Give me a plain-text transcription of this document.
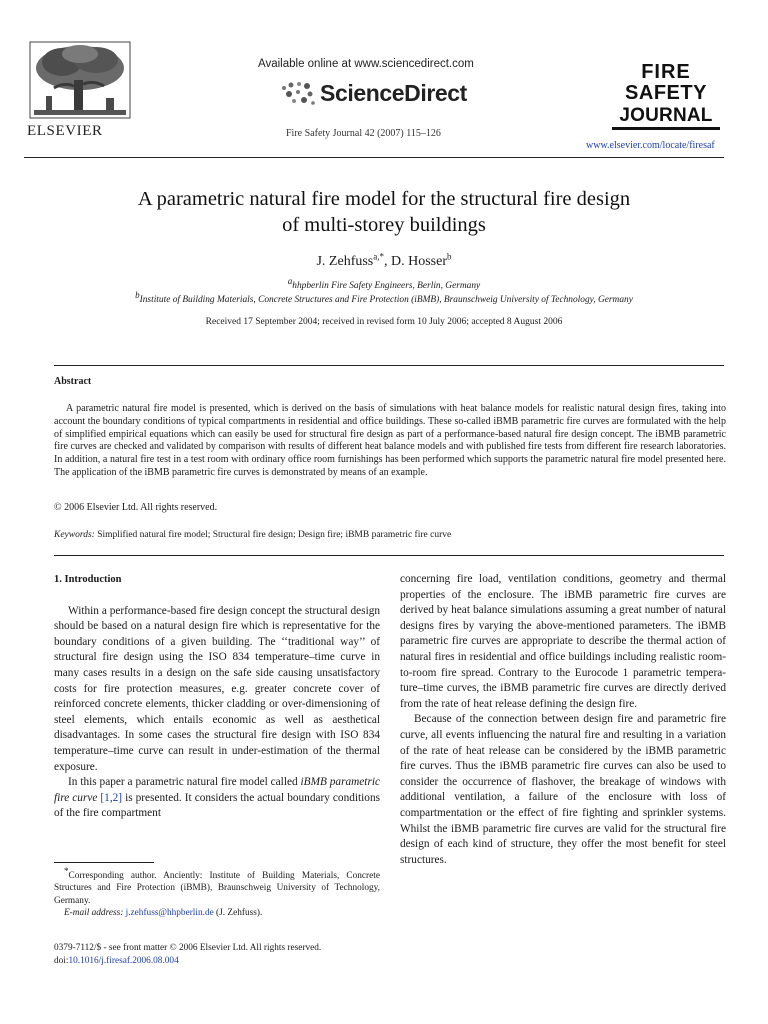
ELSEVIER
Available online at www.sciencedirect.com
ScienceDirect
Fire Safety Journal 42 (2007) 115–126
FIRE
SAFETY
JOURNAL
www.elsevier.com/locate/firesaf
A parametric natural fire model for the structural fire design
of multi-storey buildings
J. Zehfuss$^{a,*}$, D. Hosser$^b$
ahhpberlin Fire Safety Engineers, Berlin, Germany
bInstitute of Building Materials, Concrete Structures and Fire Protection (iBMB), Braunschweig University of Technology, Germany
Received 17 September 2004; received in revised form 10 July 2006; accepted 8 August 2006
Abstract

A parametric natural fire model is presented, which is derived on the basis of simulations with heat balance models for realistic natural design fires, taking into account the boundary conditions of typical compartments in residential and office buildings. These so-called iBMB parametric fire curves are formulated with the help of simplified empirical equations which can easily be used for structural fire design as part of a performance-based natural fire design concept. The iBMB parametric fire curves are checked and validated by comparison with results of different heat balance models and with published fire tests from different fire research laboratories. In addition, a natural fire test in a test room with ordinary office room furnishings has been performed which supports the parametric natural fire model presented here. The application of the iBMB parametric fire curves is demonstrated by means of an example.

© 2006 Elsevier Ltd. All rights reserved.
Keywords: Simplified natural fire model; Structural fire design; Design fire; iBMB parametric fire curve
1. Introduction

Within a performance-based fire design concept the structural design should be based on a natural design fire which is representative for the boundary conditions of a given building. The ‘‘traditional way’’ of structural fire design using the ISO 834 temperature–time curve in many cases results in a design on the safe side causing unsatisfactory costs for fire protection measures, e.g. greater concrete cover of reinforced concrete elements, thicker cladding or over-dimensioning of steel elements, which entails economic as well as aesthetical disadvantages. In some cases the structural fire design with ISO 834 temperature–time curve can result in under-estimation of the thermal exposure.

In this paper a parametric natural fire model called iBMB parametric fire curve [1,2] is presented. It considers the actual boundary conditions of the fire compartment

concerning fire load, ventilation conditions, geometry and thermal properties of the enclosure. The iBMB parametric fire curves are derived by heat balance simulations assuming a great number of natural designs fires by varying the above-mentioned parameters. The iBMB parametric fire curves are appropriate to describe the thermal action of natural fires in residential and office buildings including realistic room-to-room fire spread. Contrary to the Eurocode 1 parametric tempera-ture–time curves, the iBMB parametric fire curves are directly derived from the rate of heat release defining the design fire.

Because of the connection between design fire and parametric fire curve, all events influencing the natural fire and resulting in a variation of the rate of heat release can be considered by the iBMB parametric fire curves. Thus the iBMB parametric fire curves can also be used to consider the occurrence of flashover, the breakage of windows with additional ventilation, a failure of the enclosure with loss of compartmentation or the effect of fire fighting and sprinkler systems. Whilst the iBMB parametric fire curves are valid for the structural fire design of each kind of structure, they offer the most benefit for steel structures.

*Corresponding author. Anciently: Institute of Building Materials, Concrete Structures and Fire Protection (iBMB), Braunschweig University of Technology, Germany.
E-mail address: j.zehfuss@hhpberlin.de (J. Zehfuss).
0379-7112/$ - see front matter © 2006 Elsevier Ltd. All rights reserved.
doi:10.1016/j.firesaf.2006.08.004
